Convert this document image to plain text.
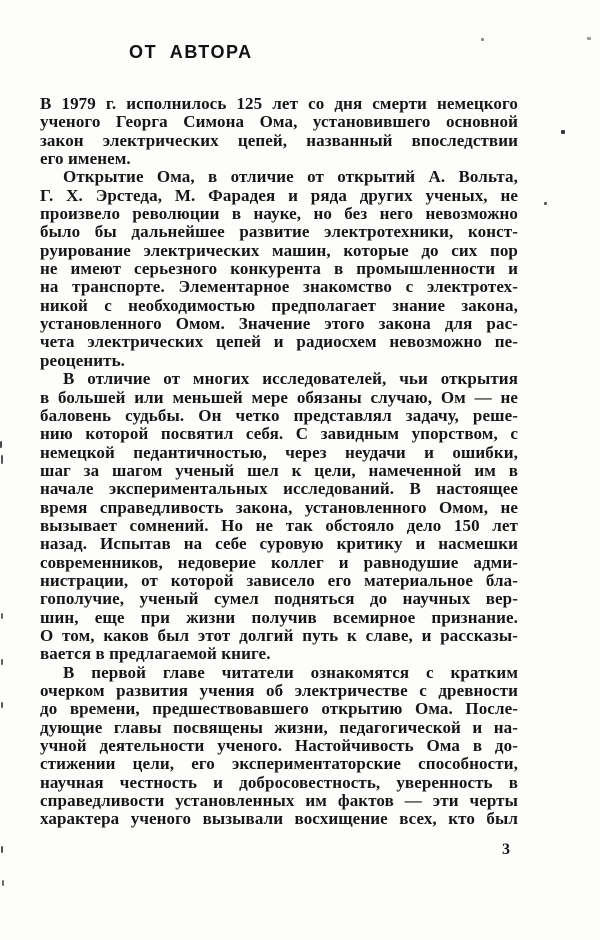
ОТ АВТОРА
В 1979 г. исполнилось 125 лет со дня смерти немецкого
ученого Георга Симона Ома, установившего основной
закон электрических цепей, названный впоследствии
его именем.
Открытие Ома, в отличие от открытий А. Вольта,
Г. Х. Эрстеда, М. Фарадея и ряда других ученых, не
произвело революции в науке, но без него невозможно
было бы дальнейшее развитие электротехники, конст-
руирование электрических машин, которые до сих пор
не имеют серьезного конкурента в промышленности и
на транспорте. Элементарное знакомство с электротех-
никой с необходимостью предполагает знание закона,
установленного Омом. Значение этого закона для рас-
чета электрических цепей и радиосхем невозможно пе-
реоценить.
В отличие от многих исследователей, чьи открытия
в большей или меньшей мере обязаны случаю, Ом — не
баловень судьбы. Он четко представлял задачу, реше-
нию которой посвятил себя. С завидным упорством, с
немецкой педантичностью, через неудачи и ошибки,
шаг за шагом ученый шел к цели, намеченной им в
начале экспериментальных исследований. В настоящее
время справедливость закона, установленного Омом, не
вызывает сомнений. Но не так обстояло дело 150 лет
назад. Испытав на себе суровую критику и насмешки
современников, недоверие коллег и равнодушие адми-
нистрации, от которой зависело его материальное бла-
гополучие, ученый сумел подняться до научных вер-
шин, еще при жизни получив всемирное признание.
О том, каков был этот долгий путь к славе, и рассказы-
вается в предлагаемой книге.
В первой главе читатели ознакомятся с кратким
очерком развития учения об электричестве с древности
до времени, предшествовавшего открытию Ома. После-
дующие главы посвящены жизни, педагогической и на-
учной деятельности ученого. Настойчивость Ома в до-
стижении цели, его экспериментаторские способности,
научная честность и добросовестность, уверенность в
справедливости установленных им фактов — эти черты
характера ученого вызывали восхищение всех, кто был
3
